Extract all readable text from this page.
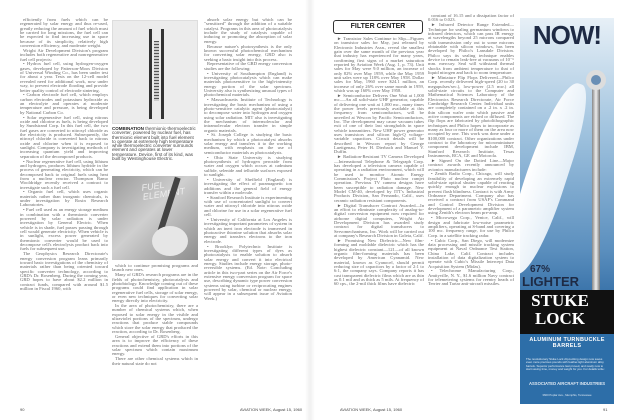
efficiently from fuels which can be regenerated by solar energy and thus re-used, greatly reducing the amount of fuel which must be carried for long missions, the fuel cell can be expected to find increasing use in space because of its simplicity, relatively high conversion efficiency, and moderate weight.

Wright Air Development Division's program includes both regenerative and nonregenerative fuel cell projects:

• Hydrox fuel cell, using hydrogen-oxygen gases, developed by Patterson-Moos Division of Universal Winding Co., has been under test for about a year. Tests on the 12-cell model revealed need for additional work, now under way, to prevent electrode flooding and provide better quality control of electrode sintering.

• Carbon electrode fuel cell, which employs carbon electrodes and potassium hydroxide as an electrolyte and operates at moderate temperature and pressure, is being developed by National Carbon Co.

• Solar regenerative fuel cell, using nitrous oxide and chlorine as fuels, is being developed by Sundstrand Corp. In this fuel cell, the two fuel gases are converted to nitrosyl chloride as the electricity is produced. Subsequently, the nitrosyl chloride is converted back to nitrous oxide and chlorine when it is exposed to sunlight. Company is investigating methods of increasing quantum yield and improving separation of the decomposed products.

• Nuclear regenerative fuel cell, using lithium and hydrogen, produces lithium hydride in the process of generating electricity, which can be decomposed back to original fuels using heat from a nuclear reactor. Thompson Ramo Wooldridge recently received a contract to investigate such a fuel cell.

• Organic fuel cell, which uses organic materials rather than inorganic chemicals, is under investigation by Rosin Research Laboratories.

• Fuel cell used as an energy storage medium in combination with a thermionic converter powered by solar radiation is under investigation by General Electric. When vehicle is in shade, fuel passes passing through cell would generate electricity. When vehicle is in sunlight, excess power generated by thermionic converter would be used to decompose cell's electrolysis product back into fuels for subsequent use.

The Geophysics Research Directorate's energy conversion program leans primarily toward basic investigations of the chemistry of materials rather than being oriented toward specific converter technology, according to GRD's Dr. Rosenberg. During the coming year, GRD hopes to have about $2.2 million in contract funds, compared with around $1.5 million in Fiscal 1960, with

COMBINATION thermionic-thermoelectric converter, powered by nuclear fuel, has thermionic element built into fuel element to operate at extremely high temperature while thermoelectric converter surrounds element and operates at lower temperature. Device, first of its kind, was built by Westinghouse Electric.
FUEL ELEMENT

which to continue promising programs and launch new ones.

Many of GRD's research programs are in the fields of photochemistry, photocatalysis and photobiology. Knowledge coming out of these programs could find application in solar regenerative fuel cells, storage of solar energy, or even new techniques for converting solar energy directly into electricity.

In the area of photochemistry, there are a number of chemical systems which, when exposed to solar energy in the visible and ultraviolet portions of the spectrum, undergo reactions that produce stable compounds which store the solar energy that produced the reaction, according to Dr. Rosenberg.

General objective of GRD's efforts in this area is to improve the efficiency of these reactions and extend them into portions of the solar spectrum which contain maximum energy.

There are other chemical systems which in their natural state do not

absorb solar energy but which can be "sensitized" through the addition of a suitable catalyst. Programs in this area of photocatalysis include the study of catalysts capable of inducing or promoting the absorption of solar energy.

Because nature's photosynthesis is the only known successful photochemical mechanism for converting solar energy, GRD also is seeking a basic insight into this process.

Representative of the GRD energy conversion studies are the following:

• University of Southampton (England) is investigating photocatalysis which can make materials photosensitive to the high-intensity energy portion of the solar spectrum. University also is synthesizing unusual types of photochemical materials.

• Massachusetts Institute of Technology is investigating the basic mechanism of using a photo-sensitive catalytic agent (photocatalyst) to decompose water into hydrogen and oxygen using solar radiation. MIT also is investigating the mechanism of intermolecular and intramolecular electron transfer in simple organic materials.

• St. Joseph College is studying the basic mechanism by which a photocatalyst absorbs solar energy and transfers it to the working medium, with emphasis on the use of semiconductor materials as photocatalysts.

• Ohio State University is studying photosynthesis of hydrogen peroxide from water and oxygen which occurs at cadmium sulfide, selenide and telluride surfaces exposed to sunlight.

• University of Sheffield (England) is investigating the effect of paramagnetic ion additions and the general field of energy transfer within a molecule.

• Stanford Research Institute is experimenting with use of concentrated sunlight to convert water and nitrosyl chloride into nitrous oxide and chlorine for use in a solar regenerative fuel cell.

• University of California at Los Angeles is investigating important parameters of system in which an inert iron electrode is immersed in photoactive thionine solution that absorbs solar energy and transfers electrons to the iron electrode.

• Brooklyn Polytechnic Institute is investigating different types of dyes as photocatalysts to enable solution to absorb solar energy and convert it into electrical energy. Studies include energy storage, photo-reversible systems. (Ed. Note: Concluding article in this two-part series on the Air Force's extensive energy conversion program for space use, describing dynamic type power conversion systems using turbine or reciprocating engines powered by solar, chemical or nuclear energy, will appear in a subsequent issue of Aviation Week.)

90	AVIATION WEEK, August 15, 1960
FILTER CENTER

► Transistor Sales Continue to Slip—Figures on transistor sales for May, just released by Electronic Industries Assn., reveal the smallest gain over the same month of the previous year that industry has experienced for many years, confirming first signs of a market saturation reported by Aviation Week (Aug. 1, p. 73). Unit sales for May were 9.0 million, an increase of only 82% over May 1959, while the May 1959 unit sales were up 118% over May 1958. Dollar sales for May, 1960 were $24.1 million, an increase of only 26% over same month in 1959, which was up 160% over May 1958.

► Semiconductor Delivers One Watt at 1,000 mc.—An all solid-state UHF generator, capable of delivering one watt at 1,000 mc., many times the power levels previously available at this frequency from semiconductors, will be unveiled at Wescon by Pacific Semiconductors, Inc. The development may cause vacuum tubes exit of one of their last strongholds in space vehicle transmitters. New UHF power generator uses transistors and silicon high-Q voltage-variable capacitors. Circuit details will be described in Wescon report by George Luettgenau, Peter H. Dierbach and Manuel V. Duffin.

► Radiation-Resistant TV Camera Developed—International Telephone & Telegraph Corp. has developed a television camera capable of operating in a radiation environment, which will be used to monitor Atomic Energy Commission's Project Pluto nuclear ramjet operation. Previous TV camera designs have been susceptible to radiation damage. New Model CM-40, developed by ITT's Industrial Products Division, San Fernando, Calif., uses ceramic radiation resistant components.

► Digital Transducer Contract Awarded—In an effort to eliminate complexity of analog-to-digital conversion equipment now required for airborne digital computers, Wright Air Development Division has awarded study contract for digital transducers to Servomechanisms, Inc. Work will be carried out at company's Research Division in Goleta, Calif.

► Promising New Dielectric—New film-forming and moldable dielectric which has the highest dielectric constant—121—of all known organic film-forming materials has been developed by American Cyanamid. New material, known as Cyanocel, should permit reducing size of capacitors by a factor of 2:1 to 6:1, the company says. Company reports it has cast transparent dielectric films which are as thin as 0.1 mil and as thick as 5 mils. At frequency of 60 cps., the 2-mil thick films have dielectric

constant of 16.15 and a dissipation factor of 0.016 to 0.023.

► Infrared Detector Range Extended—Technique for sealing germanium windows to infrared detectors, which can pass IR energy at wavelengths beyond 25 microns compared with transmission only out to some microns obtainable with silicon windows, has been developed by Philco's Lansdale Division. Philco says its sealing technique enables device to remain leak-free at vacuums of 10⁻⁶ mm. mercury. Seal will withstand thermal shocks from ambient temperature to that of liquid nitrogen and back to room temperature.

► Miniature Flip Flops Delivered—Philco Corp. recently delivered high-speed (20 to 30 megapulses/sec.), low-power (2.5 mw.) all solid-state circuits to the Computer and Mathematical Sciences Laboratory of the Electronics Research Directorate, Air Force Cambridge Research Center. Individual units are completely contained on a .2 in. x .2 in. thin silicon wafer onto which passive and active components are etched or diffused. The flip flops are fabricated by photolithographic techniques and Philco hopes to incorporate as many as four or more of them on the area now occupied by one. This work was done under a $100,000 contract. Other organizations under contract to the laboratory for microminiature component development include IBM, Stanford Research Institute, Texas Instruments, RCA, GE and Motorola.

► Signed On the Dotted Line—Major contract awards recently announced by avionics manufacturers include:

• Zenith Radio Corp., Chicago, will study feasibility of developing an extremely rapid solid-state optical shutter capable of reacting quickly enough to nuclear explosions to prevent flash blindness. Contract is with Army Ordnance Department. Company also has received a contract from USAF's Command and Control Development Division for development of a parametric amplifier system using Zenith's electron beam pre-amp.

• Microwega Corp., Venice, Calif., will design and fabricate low-noise parametric amplifiers, operating at S-band and covering a 100 mc. frequency range, for use by Philco Corp. in a satellite tracking radar.

• Cubic Corp., San Diego, will modernize data processing and missile tracking system equipment at Naval Ordnance Test Station, China Lake, Calif. Contract includes installation of data digitalization system to operate with Cubic's Missile Intercept Data Acquisition System (Midas).

• Telechrome Manufacturing Corp., Amityville, N. Y., $1.6 million Navy contract for telemetering systems for reentry heads of Terrier and Tartar anti-aircraft missiles.

NOW!
67%
LIGHTER
STUKE
LOCK
ALUMINUM TURNBUCKLE BARRELS
The revolutionary Stuke Lock clip-locking design now saves even more precious pounds with feather-light aluminum alloy barrels. Superior performance last proved, and ready now to start saving time, money and weight for you. For details write:
ASSOCIATED AIRCRAFT INDUSTRIES
3600 Poplar Ave., Memphis, Tennessee
AVIATION WEEK, August 15, 1960	91
